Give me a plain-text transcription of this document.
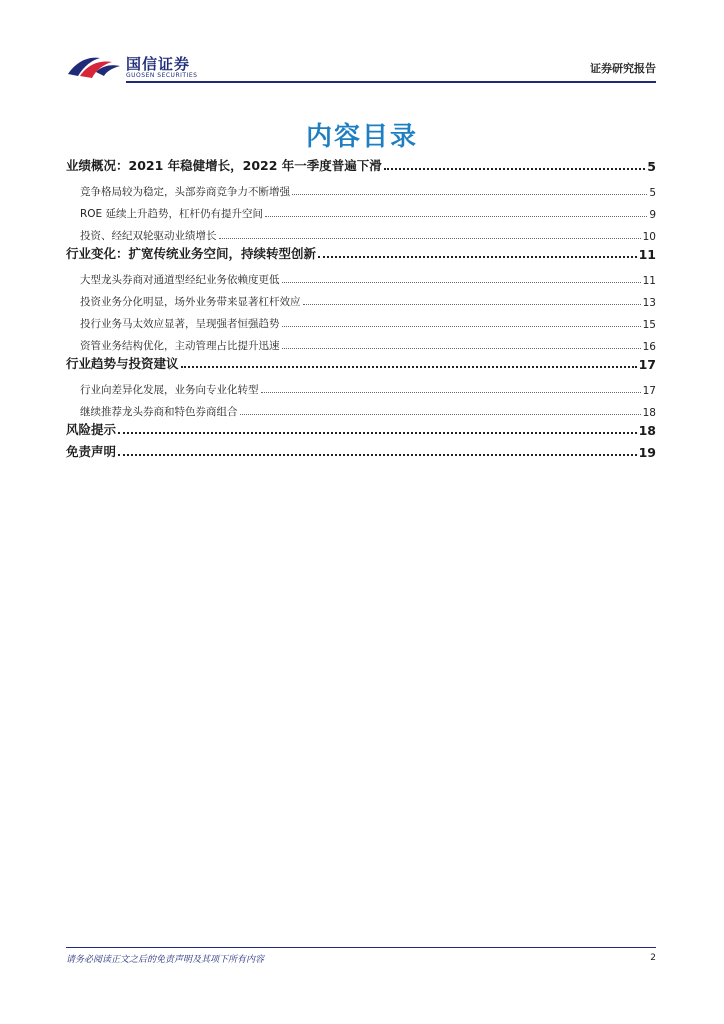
国信证券
GUOSEN SECURITIES
证券研究报告
内容目录
业绩概况：2021 年稳健增长，2022 年一季度普遍下滑	5
竞争格局较为稳定，头部券商竞争力不断增强	5
ROE 延续上升趋势，杠杆仍有提升空间	9
投资、经纪双轮驱动业绩增长	10
行业变化：扩宽传统业务空间，持续转型创新	11
大型龙头券商对通道型经纪业务依赖度更低	11
投资业务分化明显，场外业务带来显著杠杆效应	13
投行业务马太效应显著，呈现强者恒强趋势	15
资管业务结构优化，主动管理占比提升迅速	16
行业趋势与投资建议	17
行业向差异化发展，业务向专业化转型	17
继续推荐龙头券商和特色券商组合	18
风险提示	18
免责声明	19
请务必阅读正文之后的免责声明及其项下所有内容	2
